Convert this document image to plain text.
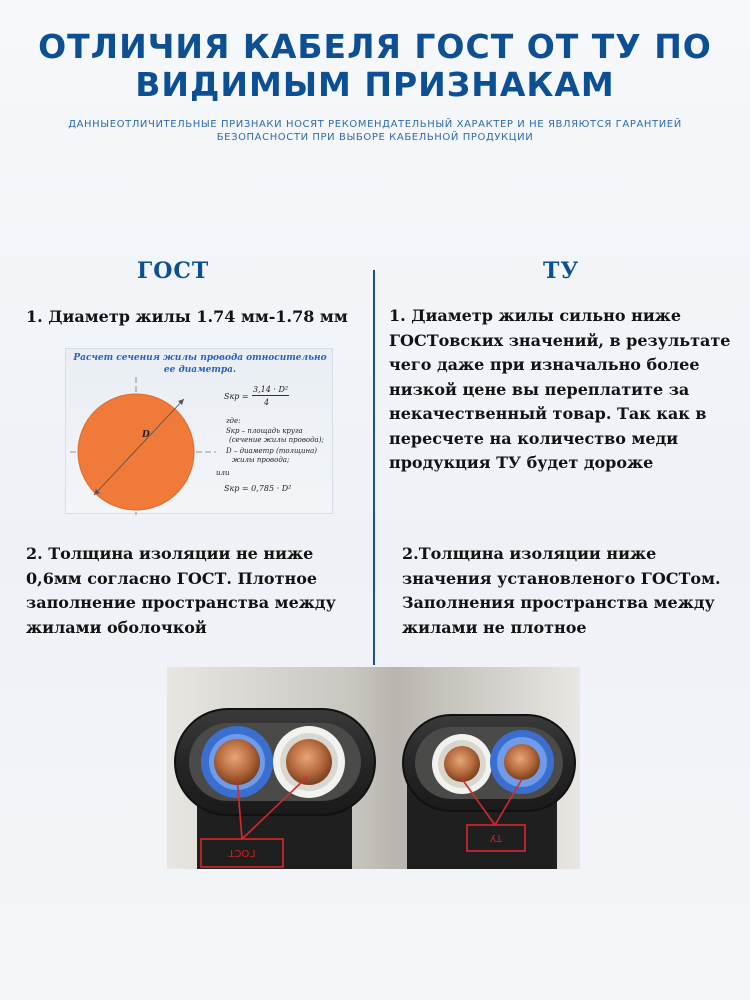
ОТЛИЧИЯ КАБЕЛЯ ГОСТ ОТ ТУ ПО
ВИДИМЫМ ПРИЗНАКАМ
ДАННЫЕОТЛИЧИТЕЛЬНЫЕ ПРИЗНАКИ НОСЯТ РЕКОМЕНДАТЕЛЬНЫЙ ХАРАКТЕР И НЕ ЯВЛЯЮТСЯ ГАРАНТИЕЙ
БЕЗОПАСНОСТИ ПРИ ВЫБОРЕ КАБЕЛЬНОЙ ПРОДУКЦИИ
ГОСТ	ТУ
1. Диаметр жилы 1.74 мм-1.78 мм
Расчет сечения жилы провода относительно
ее диаметра.
D
Sкр =
3,14 · D²
4
где:
Sкр – площадь круга
(сечение жилы провода);
D – диаметр (толщина)
жилы провода;
или
Sкр = 0,785 · D²
1. Диаметр жилы сильно ниже
ГОСТовских значений, в результате
чего даже при изначально более
низкой цене вы переплатите за
некачественный товар. Так как в
пересчете на количество меди
продукция ТУ будет дороже
2. Толщина изоляции не ниже
0,6мм согласно ГОСТ. Плотное
заполнение пространства между
жилами оболочкой
2.Толщина изоляции ниже
значения установленого ГОСТом.
Заполнения пространства между
жилами не плотное
ГОСТ
ТУ
